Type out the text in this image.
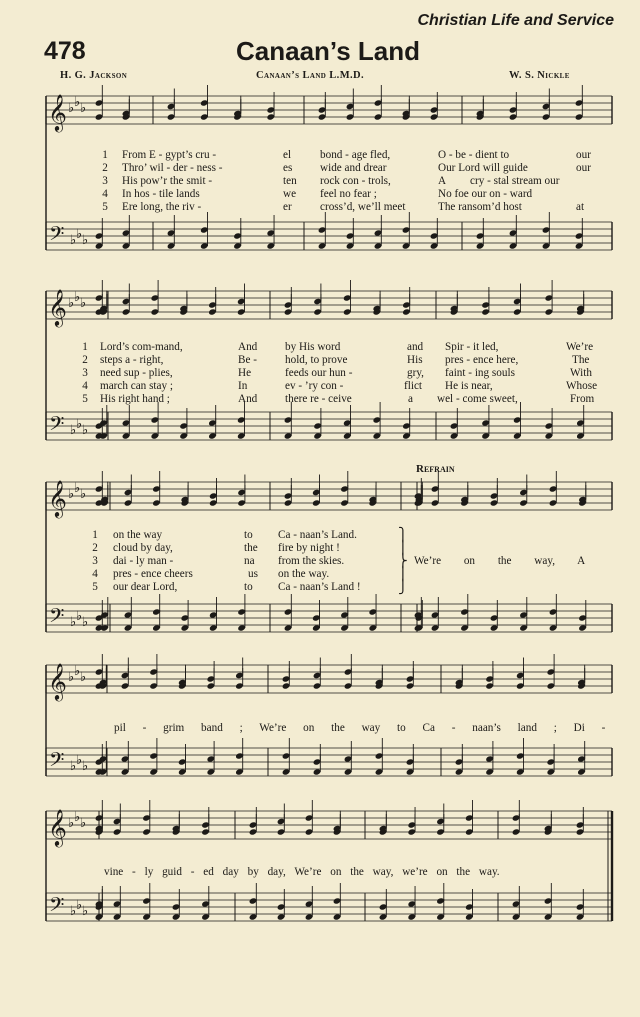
Christian Life and Service
478	Canaan’s Land
H. G. Jackson	Canaan’s Land L.M.D.	W. S. Nickle
𝄞
𝄢
♭
♭
♭
♭
♭
♭
𝄞
𝄢
♭
♭
♭
♭
♭
♭
𝄞
𝄢
♭
♭
♭
♭
♭
♭
𝄞
𝄢
♭
♭
♭
♭
♭
♭
𝄞
𝄢
♭
♭
♭
♭
♭
♭
1
2
3
4
5
From E - gypt’s cru -	el	bond - age fled,	O - be - dient to	our
Thro’ wil - der - ness -	es wide and drear	Our Lord will guide	our
His pow’r the smit -	ten rock con - trols,	A cry - stal stream our
In hos - tile lands	we feel no fear ;	No foe our on - ward
Ere long, the riv -	er	cross’d, we’ll meet	The ransom’d host	at
1
2
3
4
5
Lord’s com-mand,	And by His word	and Spir - it led,	We’re
steps a - right,	Be -	hold, to prove	His pres - ence here,	The
need sup - plies,	He	feeds our hun -	gry, faint - ing souls	With
march can stay ;	In	ev - ’ry con -	flict He is near,	Whose
His right hand ;	And there re - ceive	a wel - come sweet,	From
Refrain
1
2
3
4
5
on the way	to Ca - naan’s Land.
cloud by day,	the fire by night !
dai - ly man -	na from the skies.
pres - ence cheers	us on the way.
our dear Lord,	to Ca - naan’s Land !
⎫
⎪
⎬
⎪
⎭
We’re on the way, A
pil - grim band ; We’re on the way to Ca - naan’s land ; Di -
vine - ly guid - ed day by day, We’re on the way, we’re on the way.
